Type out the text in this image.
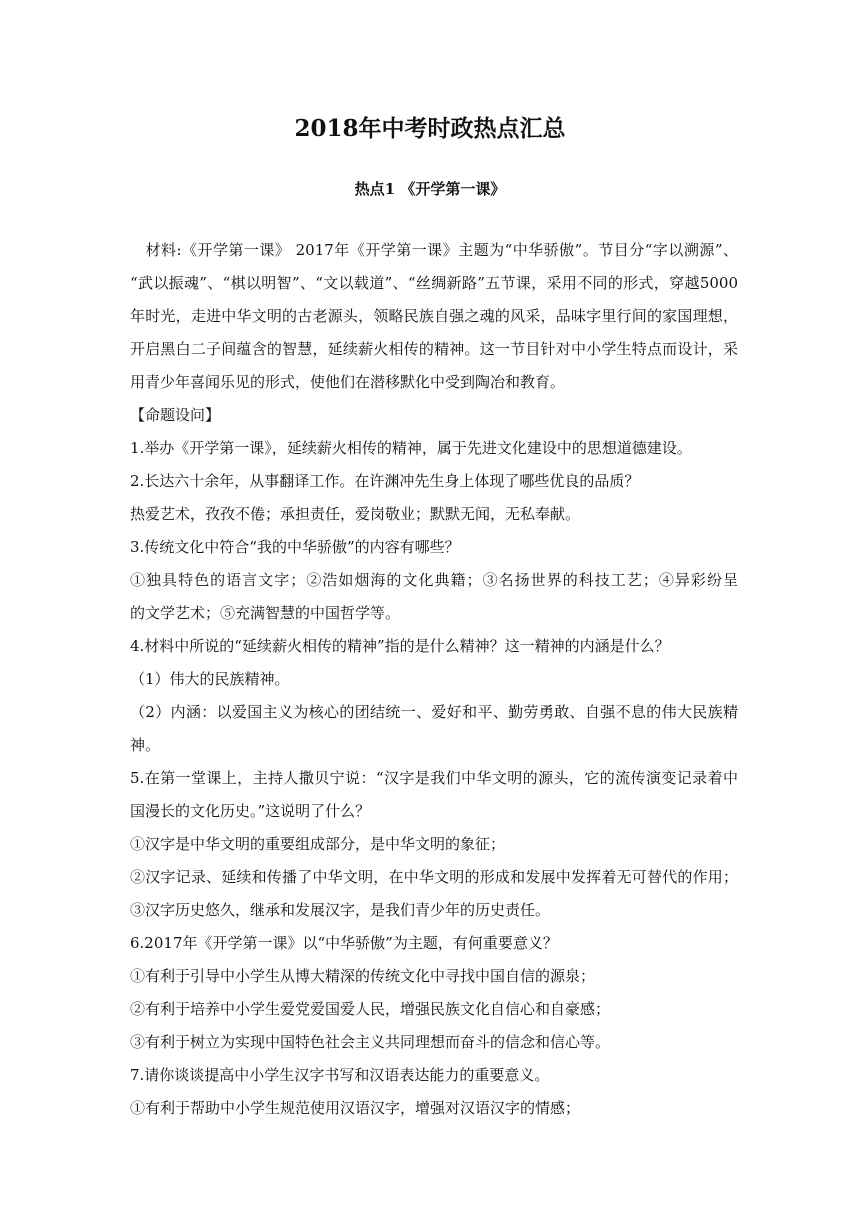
2018年中考时政热点汇总
热点1 《开学第一课》
　材料:《开学第一课》 2017年《开学第一课》主题为“中华骄傲”。节目分“字以溯源”、
“武以振魂”、“棋以明智”、“文以载道”、“丝绸新路”五节课，采用不同的形式，穿越5000
年时光，走进中华文明的古老源头，领略民族自强之魂的风采，品味字里行间的家国理想，
开启黑白二子间蕴含的智慧，延续薪火相传的精神。这一节目针对中小学生特点而设计，采
用青少年喜闻乐见的形式，使他们在潜移默化中受到陶冶和教育。
【命题设问】
1.举办《开学第一课》，延续薪火相传的精神，属于先进文化建设中的思想道德建设。
2.长达六十余年，从事翻译工作。在许渊冲先生身上体现了哪些优良的品质？
热爱艺术，孜孜不倦；承担责任，爱岗敬业；默默无闻，无私奉献。
3.传统文化中符合“我的中华骄傲”的内容有哪些？
①独具特色的语言文字；②浩如烟海的文化典籍；③名扬世界的科技工艺；④异彩纷呈
的文学艺术；⑤充满智慧的中国哲学等。
4.材料中所说的“延续薪火相传的精神”指的是什么精神？这一精神的内涵是什么？
（1）伟大的民族精神。
（2）内涵：以爱国主义为核心的团结统一、爱好和平、勤劳勇敢、自强不息的伟大民族精
神。
5.在第一堂课上，主持人撒贝宁说：“汉字是我们中华文明的源头，它的流传演变记录着中
国漫长的文化历史。”这说明了什么？
①汉字是中华文明的重要组成部分，是中华文明的象征；
②汉字记录、延续和传播了中华文明，在中华文明的形成和发展中发挥着无可替代的作用；
③汉字历史悠久，继承和发展汉字，是我们青少年的历史责任。
6.2017年《开学第一课》以“中华骄傲”为主题，有何重要意义？
①有利于引导中小学生从博大精深的传统文化中寻找中国自信的源泉；
②有利于培养中小学生爱党爱国爱人民，增强民族文化自信心和自豪感；
③有利于树立为实现中国特色社会主义共同理想而奋斗的信念和信心等。
7.请你谈谈提高中小学生汉字书写和汉语表达能力的重要意义。
①有利于帮助中小学生规范使用汉语汉字，增强对汉语汉字的情感；
